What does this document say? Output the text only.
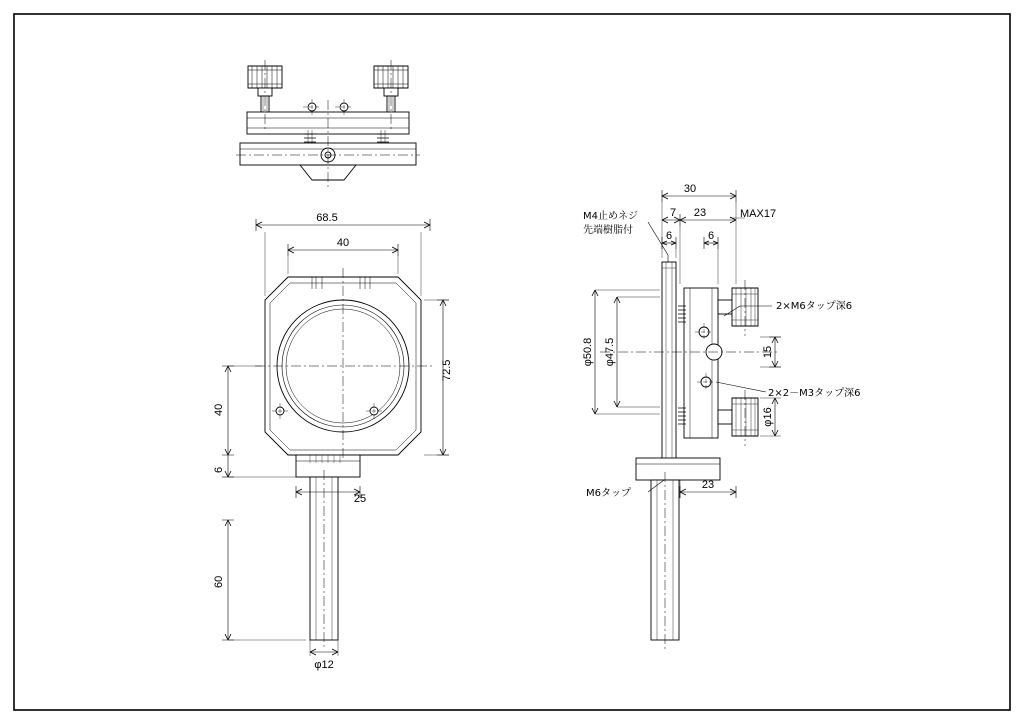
68.5
40
72.5
40
6
25
60
φ12
30
7 23	MAX17
6	6
φ50.8 φ47.5	15
φ16
23
M4止めネジ
先端樹脂付
2×M6タップ深6
2×2－M3タップ深6
M6タップ
